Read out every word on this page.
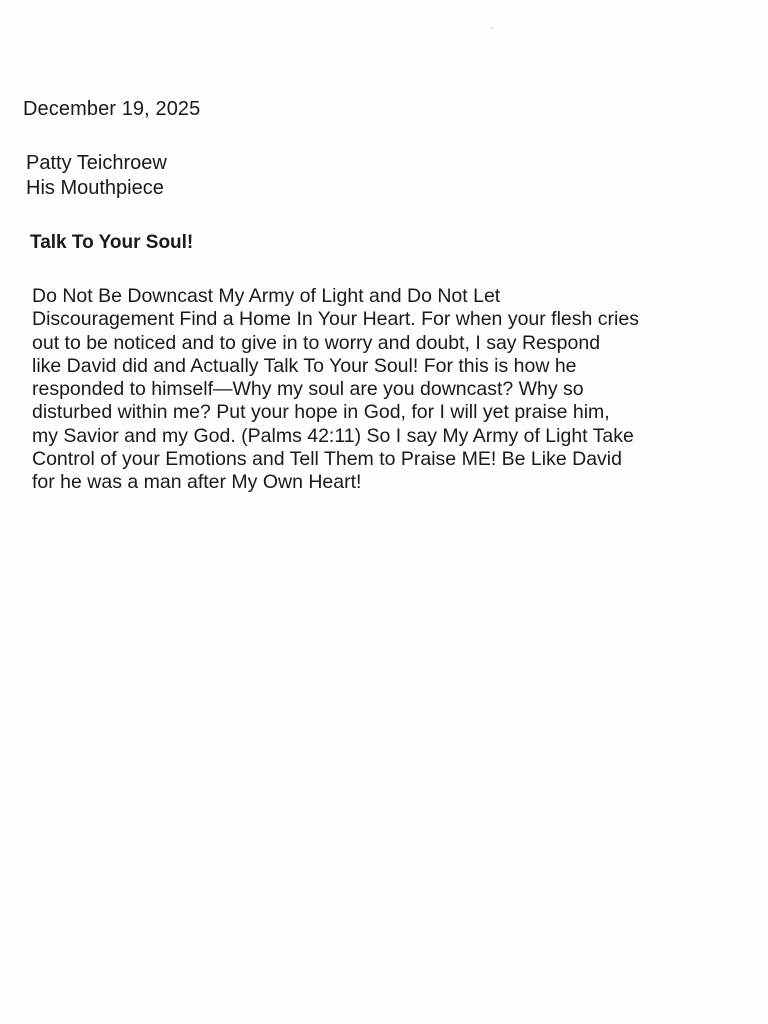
December 19, 2025
Patty Teichroew
His Mouthpiece
Talk To Your Soul!
Do Not Be Downcast My Army of Light and Do Not Let
Discouragement Find a Home In Your Heart. For when your flesh cries
out to be noticed and to give in to worry and doubt, I say Respond
like David did and Actually Talk To Your Soul! For this is how he
responded to himself—Why my soul are you downcast? Why so
disturbed within me? Put your hope in God, for I will yet praise him,
my Savior and my God. (Palms 42:11) So I say My Army of Light Take
Control of your Emotions and Tell Them to Praise ME! Be Like David
for he was a man after My Own Heart!
